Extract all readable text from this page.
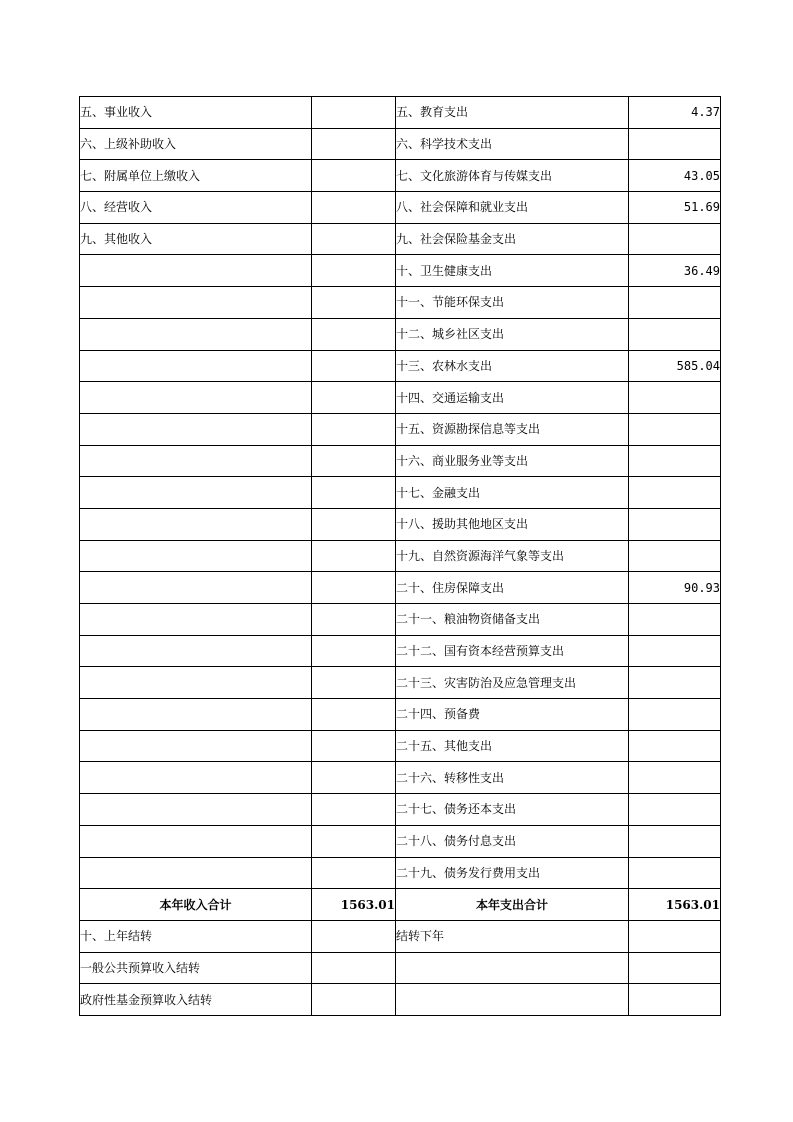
五、事业收入		五、教育支出	4.37
六、上级补助收入		六、科学技术支出	
七、附属单位上缴收入		七、文化旅游体育与传媒支出	43.05
八、经营收入		八、社会保障和就业支出	51.69
九、其他收入		九、社会保险基金支出	
		十、卫生健康支出	36.49
		十一、节能环保支出	
		十二、城乡社区支出	
		十三、农林水支出	585.04
		十四、交通运输支出	
		十五、资源勘探信息等支出	
		十六、商业服务业等支出	
		十七、金融支出	
		十八、援助其他地区支出	
		十九、自然资源海洋气象等支出	
		二十、住房保障支出	90.93
		二十一、粮油物资储备支出	
		二十二、国有资本经营预算支出	
		二十三、灾害防治及应急管理支出	
		二十四、预备费	
		二十五、其他支出	
		二十六、转移性支出	
		二十七、债务还本支出	
		二十八、债务付息支出	
		二十九、债务发行费用支出	
本年收入合计	1563.01	本年支出合计	1563.01
十、上年结转		结转下年	
一般公共预算收入结转			
政府性基金预算收入结转			
